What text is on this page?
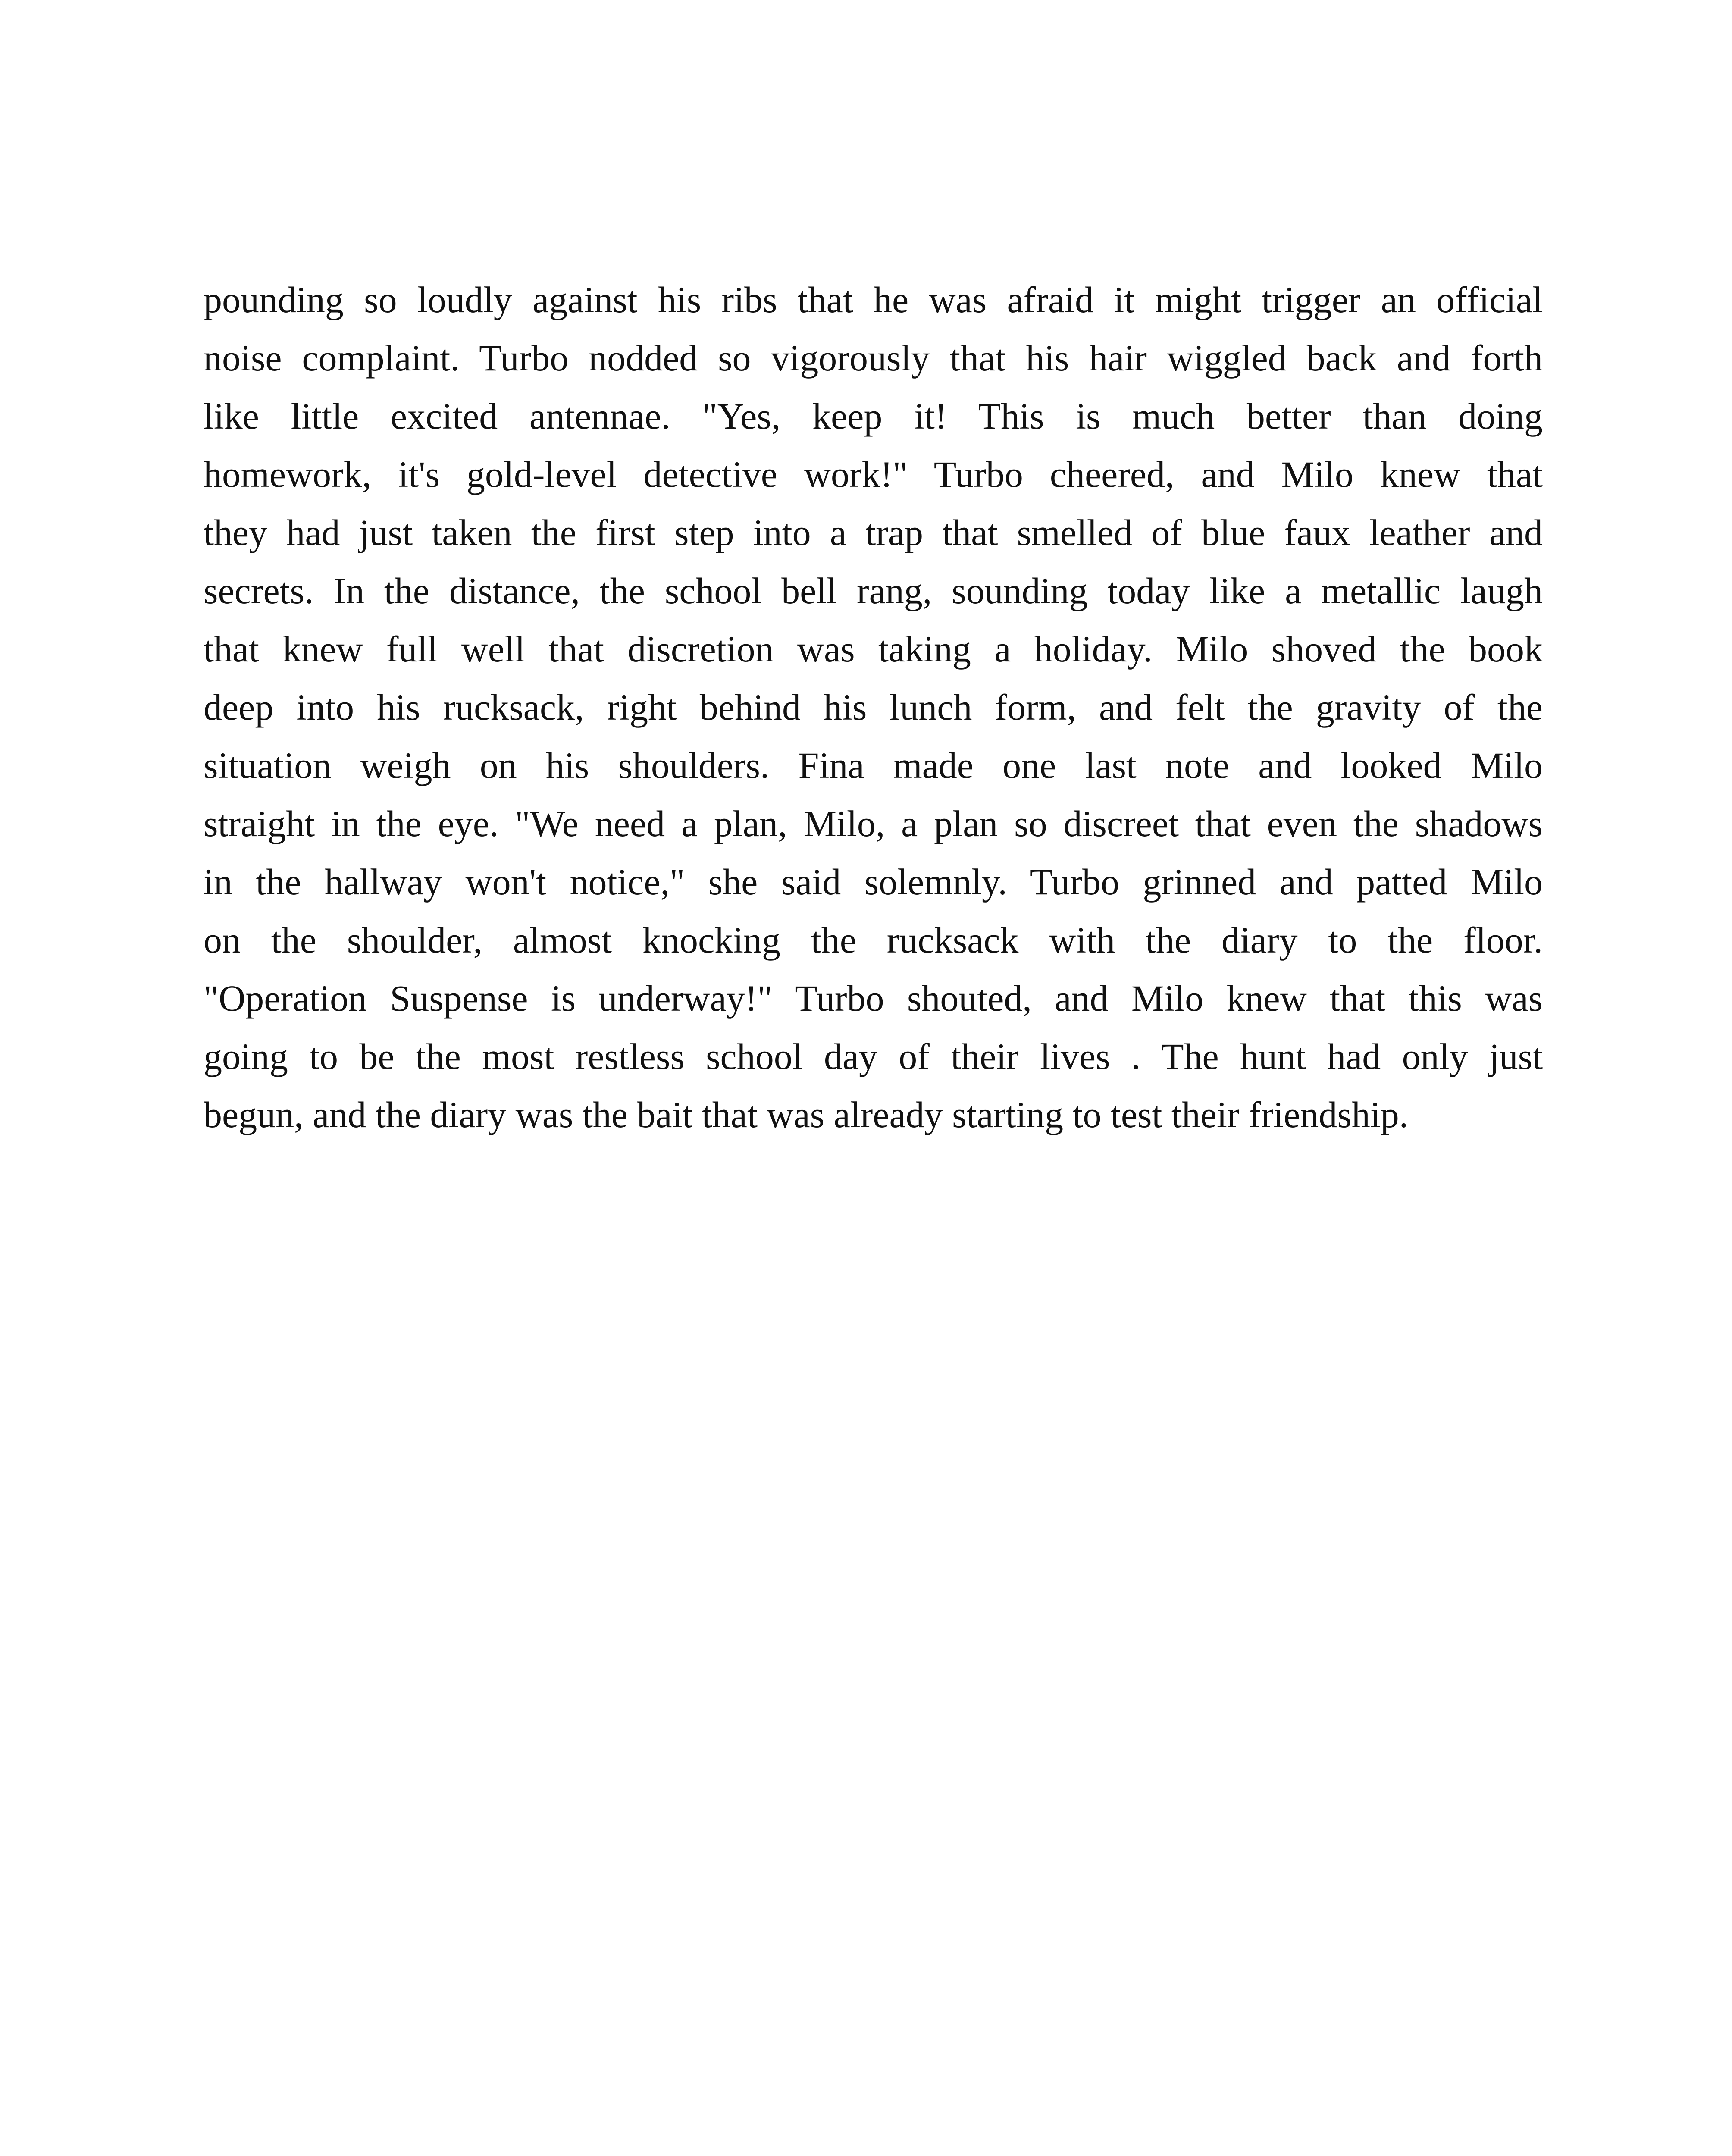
pounding so loudly against his ribs that he was afraid it might trigger an official
noise complaint. Turbo nodded so vigorously that his hair wiggled back and forth
like little excited antennae. "Yes, keep it! This is much better than doing
homework, it's gold-level detective work!" Turbo cheered, and Milo knew that
they had just taken the first step into a trap that smelled of blue faux leather and
secrets. In the distance, the school bell rang, sounding today like a metallic laugh
that knew full well that discretion was taking a holiday. Milo shoved the book
deep into his rucksack, right behind his lunch form, and felt the gravity of the
situation weigh on his shoulders. Fina made one last note and looked Milo
straight in the eye. "We need a plan, Milo, a plan so discreet that even the shadows
in the hallway won't notice," she said solemnly. Turbo grinned and patted Milo
on the shoulder, almost knocking the rucksack with the diary to the floor.
"Operation Suspense is underway!" Turbo shouted, and Milo knew that this was
going to be the most restless school day of their lives . The hunt had only just
begun, and the diary was the bait that was already starting to test their friendship.
